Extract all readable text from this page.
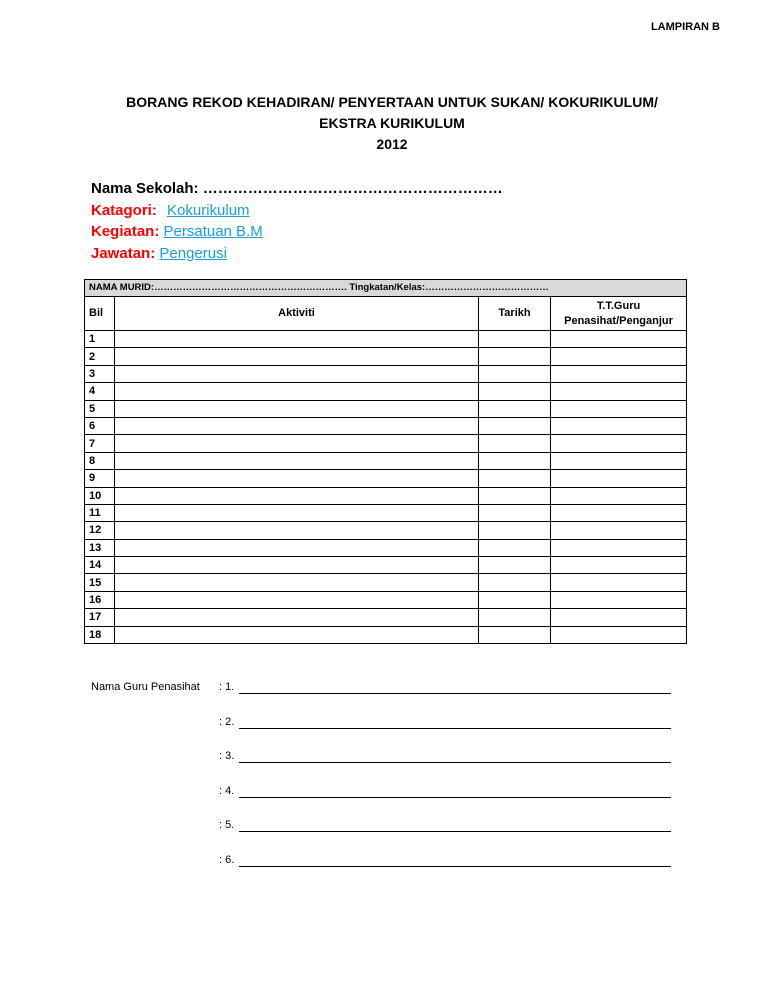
LAMPIRAN B
BORANG REKOD KEHADIRAN/ PENYERTAAN UNTUK SUKAN/ KOKURIKULUM/
EKSTRA KURIKULUM
2012
Nama Sekolah: ……………………………………………………
Katagori: Kokurikulum
Kegiatan: Persatuan B.M
Jawatan: Pengerusi
NAMA MURID:……………………………………………………. Tingkatan/Kelas:…………………………………			
Bil	Aktiviti	Tarikh	T.T.Guru
Penasihat/Penganjur

1			
2			
3			
4			
5			
6			
7			
8			
9			
10			
11			
12			
13			
14			
15			
16			
17			
18			
Nama Guru Penasihat : 1.
: 2.
: 3.
: 4.
: 5.
: 6.
